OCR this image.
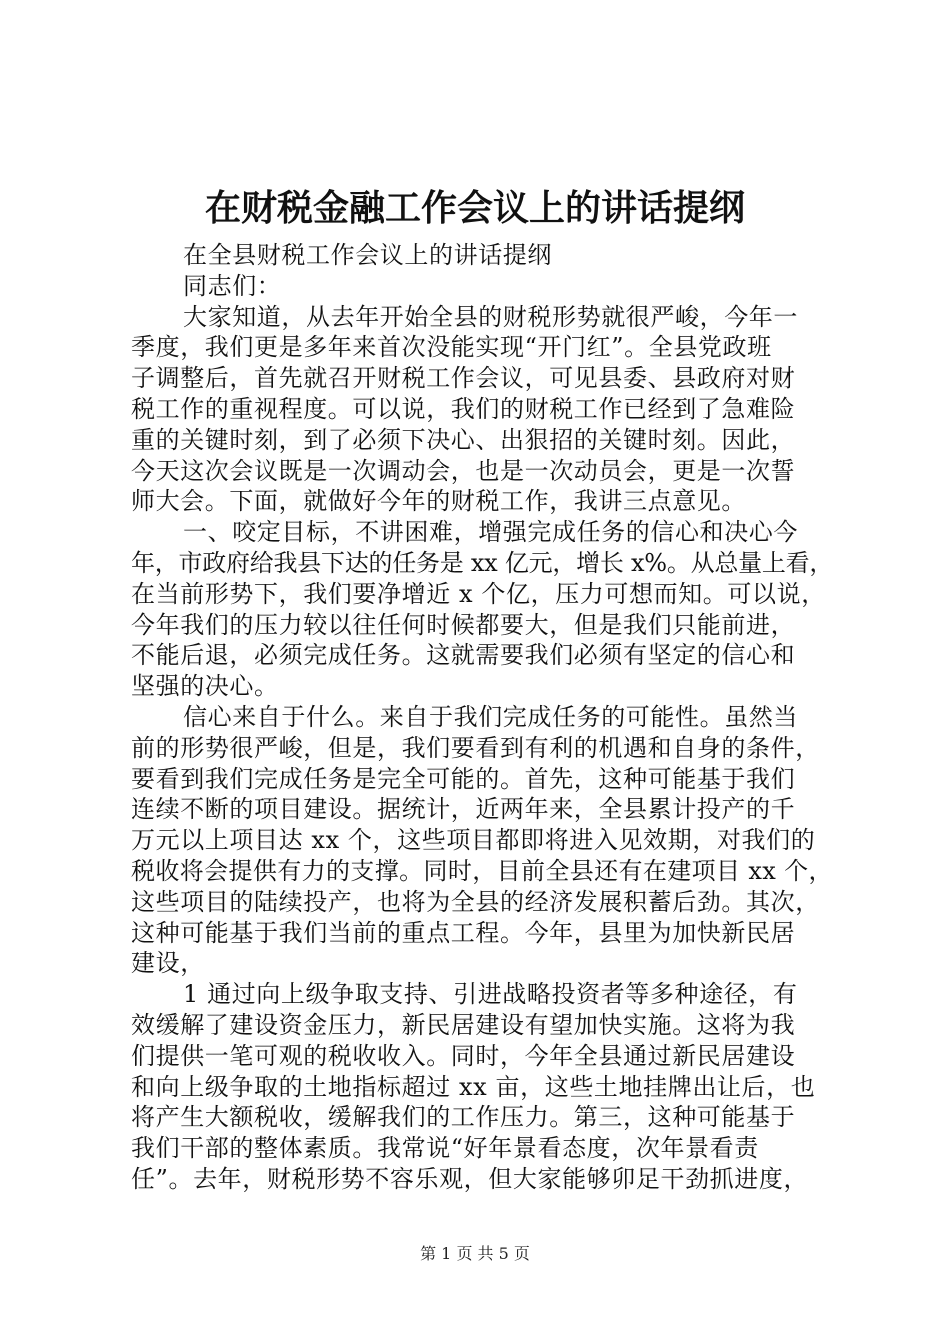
在财税金融工作会议上的讲话提纲
在全县财税工作会议上的讲话提纲
同志们：
大家知道，从去年开始全县的财税形势就很严峻，今年一
季度，我们更是多年来首次没能实现“开门红”。全县党政班
子调整后，首先就召开财税工作会议，可见县委、县政府对财
税工作的重视程度。可以说，我们的财税工作已经到了急难险
重的关键时刻，到了必须下决心、出狠招的关键时刻。因此，
今天这次会议既是一次调动会，也是一次动员会，更是一次誓
师大会。下面，就做好今年的财税工作，我讲三点意见。
一、咬定目标，不讲困难，增强完成任务的信心和决心今
年，市政府给我县下达的任务是 xx 亿元，增长 x%。从总量上看，
在当前形势下，我们要净增近 x 个亿，压力可想而知。可以说，
今年我们的压力较以往任何时候都要大，但是我们只能前进，
不能后退，必须完成任务。这就需要我们必须有坚定的信心和
坚强的决心。
信心来自于什么。来自于我们完成任务的可能性。虽然当
前的形势很严峻，但是，我们要看到有利的机遇和自身的条件，
要看到我们完成任务是完全可能的。首先，这种可能基于我们
连续不断的项目建设。据统计，近两年来，全县累计投产的千
万元以上项目达 xx 个，这些项目都即将进入见效期，对我们的
税收将会提供有力的支撑。同时，目前全县还有在建项目 xx 个，
这些项目的陆续投产，也将为全县的经济发展积蓄后劲。其次，
这种可能基于我们当前的重点工程。今年，县里为加快新民居
建设，
1 通过向上级争取支持、引进战略投资者等多种途径，有
效缓解了建设资金压力，新民居建设有望加快实施。这将为我
们提供一笔可观的税收收入。同时，今年全县通过新民居建设
和向上级争取的土地指标超过 xx 亩，这些土地挂牌出让后，也
将产生大额税收，缓解我们的工作压力。第三，这种可能基于
我们干部的整体素质。我常说“好年景看态度，次年景看责
任”。去年，财税形势不容乐观，但大家能够卯足干劲抓进度，
第 1 页 共 5 页
